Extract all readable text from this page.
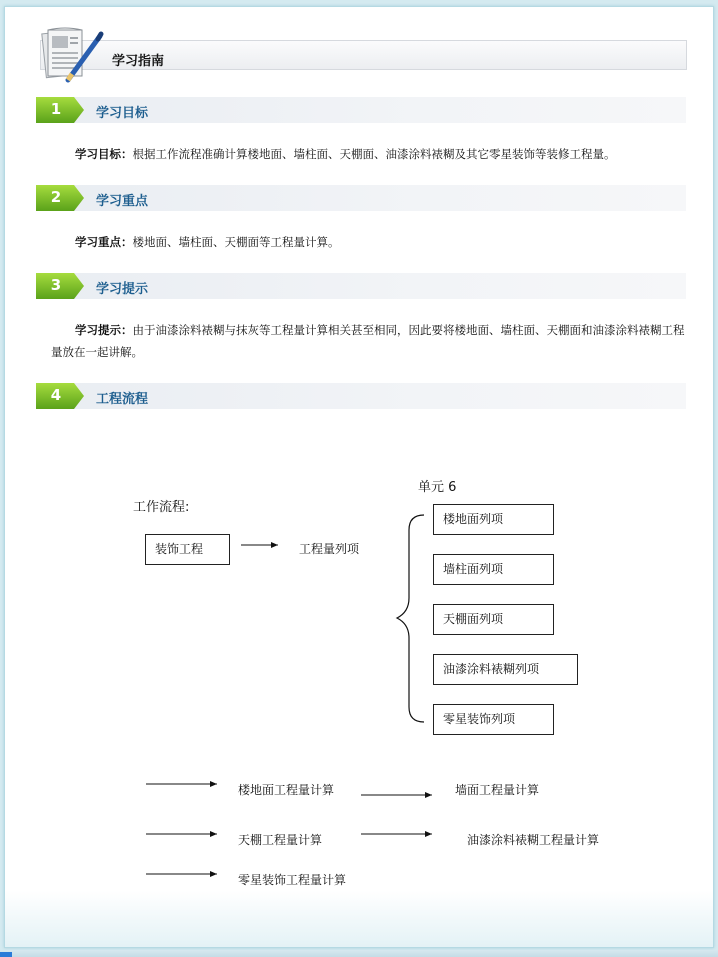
学习指南
1	学习目标
学习目标：根据工作流程准确计算楼地面、墙柱面、天棚面、油漆涂料裱糊及其它零星装饰等装修工程量。
2	学习重点
学习重点：楼地面、墙柱面、天棚面等工程量计算。
3	学习提示
学习提示：由于油漆涂料裱糊与抹灰等工程量计算相关甚至相同，因此要将楼地面、墙柱面、天棚面和油漆涂料裱糊工程量放在一起讲解。
4	工程流程
单元 6
工作流程:
装饰工程	工程量列项
楼地面列项
墙柱面列项
天棚面列项
油漆涂料裱糊列项
零星装饰列项
楼地面工程量计算	墙面工程量计算
天棚工程量计算	油漆涂料裱糊工程量计算
零星装饰工程量计算
